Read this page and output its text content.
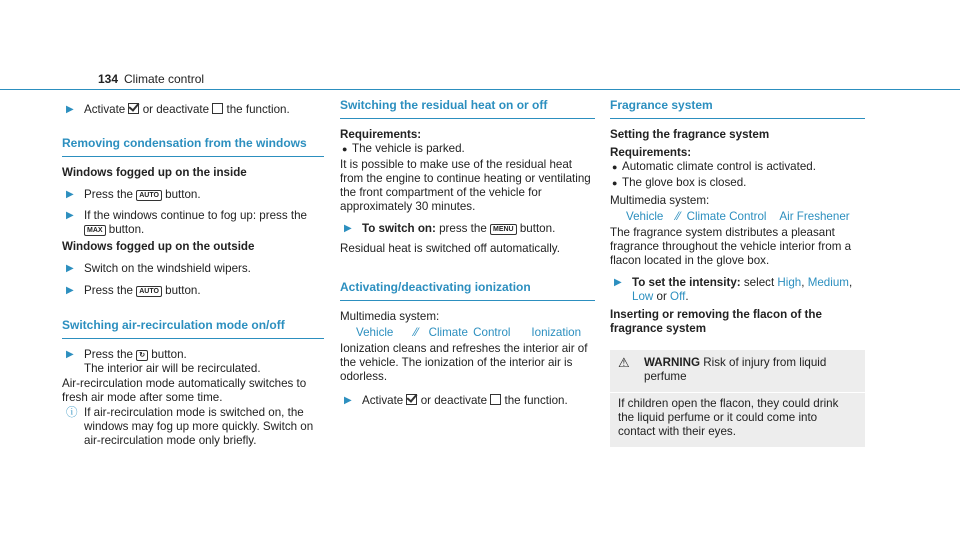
134 Climate control
▶ Activate  or deactivate  the function.

Removing condensation from the windows

Windows fogged up on the inside

▶ Press the AUTO button.

▶ If the windows continue to fog up: press the MAX button.

Windows fogged up on the outside

▶ Switch on the windshield wipers.

▶ Press the AUTO button.

Switching air-recirculation mode on/off
▶ Press the ↻ button.
The interior air will be recirculated.

Air-recirculation mode automatically switches to fresh air mode after some time.

ⓘ If air-recirculation mode is switched on, the windows may fog up more quickly. Switch on air-recirculation mode only briefly.

Switching the residual heat on or off

Requirements:

● The vehicle is parked.

It is possible to make use of the residual heat from the engine to continue heating or ventilating the front compartment of the vehicle for approximately 30 minutes.

▶ To switch on: press the MENU button.

Residual heat is switched off automatically.

Activating/deactivating ionization

Multimedia system:

Vehicle ⁄⁄ Climate Control Ionization

Ionization cleans and refreshes the interior air of the vehicle. The ionization of the interior air is odorless.

▶ Activate  or deactivate  the function.

Fragrance system

Setting the fragrance system

Requirements:

● Automatic climate control is activated.

● The glove box is closed.

Multimedia system:

Vehicle ⁄⁄ Climate Control Air Freshener

The fragrance system distributes a pleasant fragrance throughout the vehicle interior from a flacon located in the glove box.

▶ To set the intensity: select High, Medium, Low or Off.

Inserting or removing the flacon of the fragrance system

⚠	WARNING Risk of injury from liquid perfume

If children open the flacon, they could drink the liquid perfume or it could come into contact with their eyes.
